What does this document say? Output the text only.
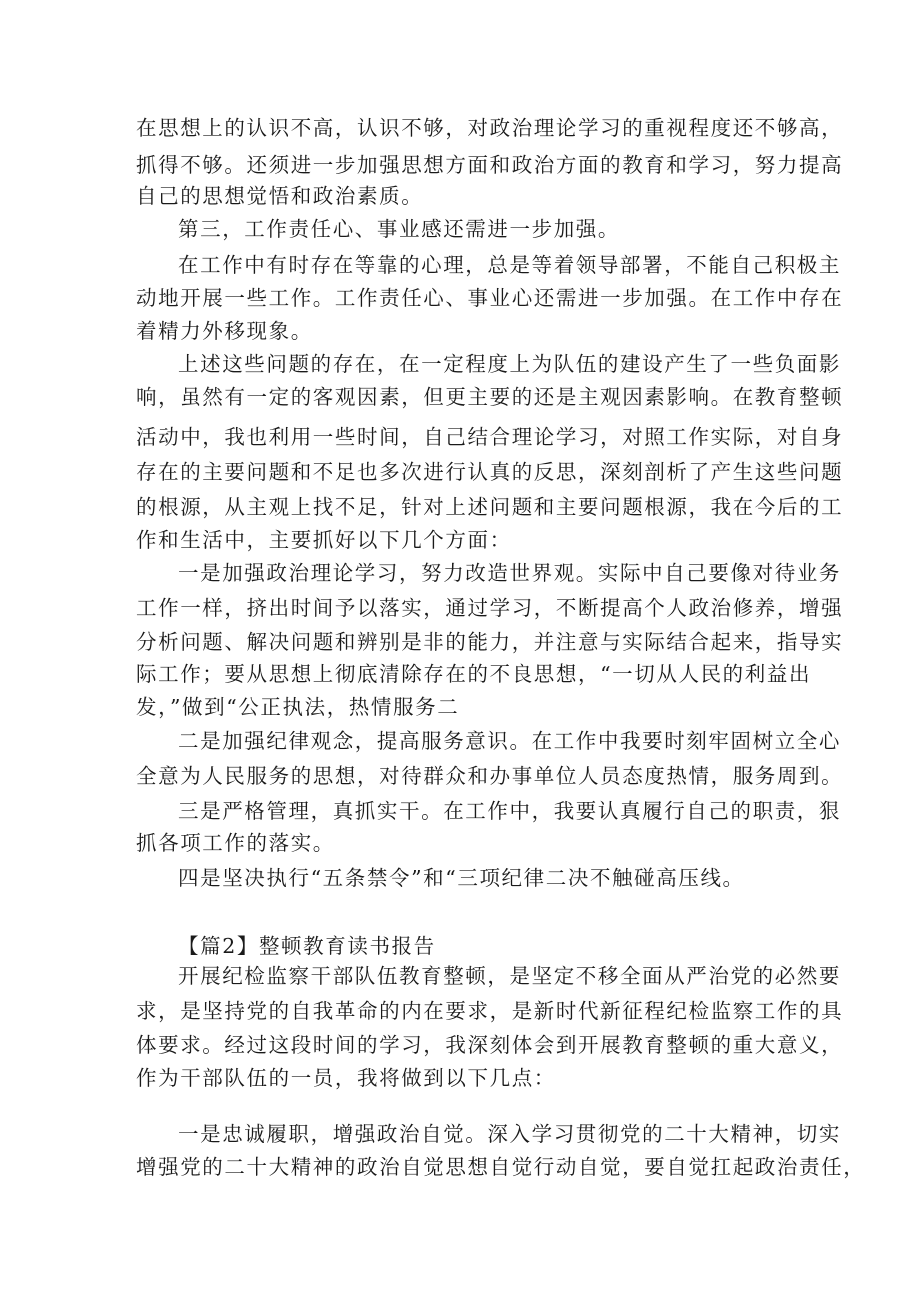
在思想上的认识不高，认识不够，对政治理论学习的重视程度还不够高，
抓得不够。还须进一步加强思想方面和政治方面的教育和学习，努力提高
自己的思想觉悟和政治素质。
第三，工作责任心、事业感还需进一步加强。
在工作中有时存在等靠的心理，总是等着领导部署，不能自己积极主
动地开展一些工作。工作责任心、事业心还需进一步加强。在工作中存在
着精力外移现象。
上述这些问题的存在，在一定程度上为队伍的建设产生了一些负面影
响，虽然有一定的客观因素，但更主要的还是主观因素影响。在教育整顿
活动中，我也利用一些时间，自己结合理论学习，对照工作实际，对自身
存在的主要问题和不足也多次进行认真的反思，深刻剖析了产生这些问题
的根源，从主观上找不足，针对上述问题和主要问题根源，我在今后的工
作和生活中，主要抓好以下几个方面：
一是加强政治理论学习，努力改造世界观。实际中自己要像对待业务
工作一样，挤出时间予以落实，通过学习，不断提高个人政治修养，增强
分析问题、解决问题和辨别是非的能力，并注意与实际结合起来，指导实
际工作；要从思想上彻底清除存在的不良思想，“一切从人民的利益出
发，”做到“公正执法，热情服务二
二是加强纪律观念，提高服务意识。在工作中我要时刻牢固树立全心
全意为人民服务的思想，对待群众和办事单位人员态度热情，服务周到。
三是严格管理，真抓实干。在工作中，我要认真履行自己的职责，狠
抓各项工作的落实。
四是坚决执行“五条禁令”和“三项纪律二决不触碰高压线。
【篇2】整顿教育读书报告
开展纪检监察干部队伍教育整顿，是坚定不移全面从严治党的必然要
求，是坚持党的自我革命的内在要求，是新时代新征程纪检监察工作的具
体要求。经过这段时间的学习，我深刻体会到开展教育整顿的重大意义，
作为干部队伍的一员，我将做到以下几点：
一是忠诚履职，增强政治自觉。深入学习贯彻党的二十大精神，切实
增强党的二十大精神的政治自觉思想自觉行动自觉，要自觉扛起政治责任，
